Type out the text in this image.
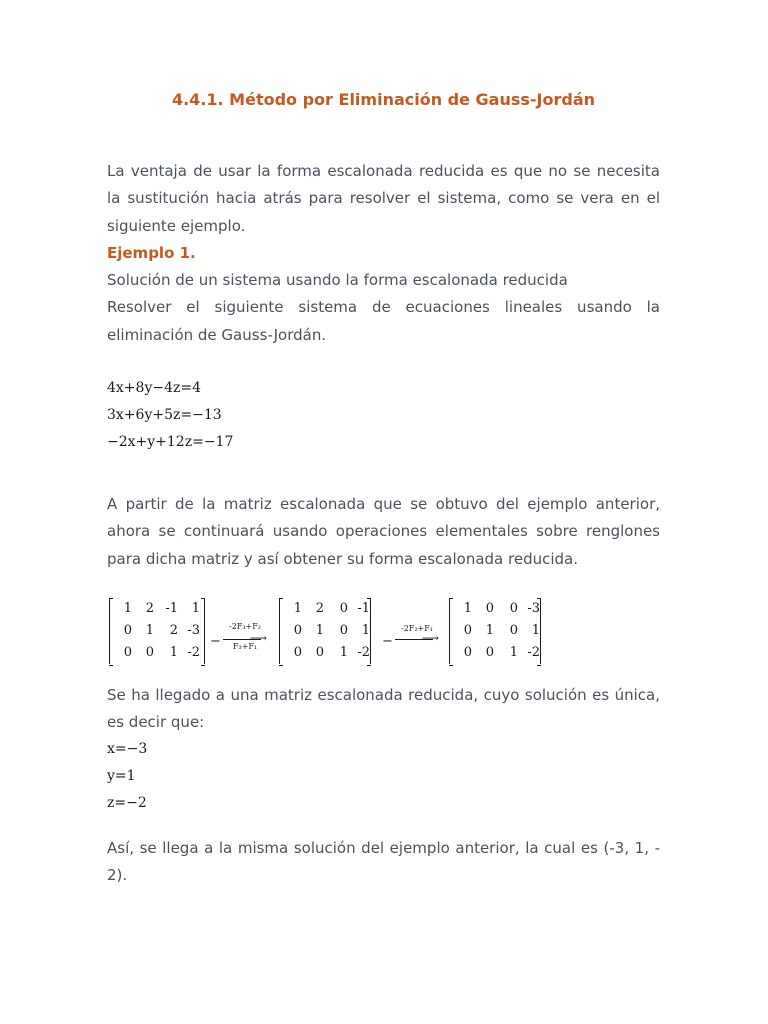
4.4.1. Método por Eliminación de Gauss-Jordán
La ventaja de usar la forma escalonada reducida es que no se necesita
la sustitución hacia atrás para resolver el sistema, como se vera en el
siguiente ejemplo.
Ejemplo 1.
Solución de un sistema usando la forma escalonada reducida
Resolver el siguiente sistema de ecuaciones lineales usando la
eliminación de Gauss-Jordán.
4x+8y−4z=4
3x+6y+5z=−13
−2x+y+12z=−17
A partir de la matriz escalonada que se obtuvo del ejemplo anterior,
ahora se continuará usando operaciones elementales sobre renglones
para dicha matriz y así obtener su forma escalonada reducida.
1	2 -1	1
0	1	2 -3
0	0	1 -2
−
-2F₃+F₂
⟶
F₃+F₁
1	2	0 -1
0	1	0	1
0	0	1 -2
−
-2F₂+F₁
⟶
1	0	0 -3
0	1	0	1
0	0	1 -2
Se ha llegado a una matriz escalonada reducida, cuyo solución es única,
es decir que:
x=−3
y=1
z=−2
Así, se llega a la misma solución del ejemplo anterior, la cual es (-3, 1, -
2).
